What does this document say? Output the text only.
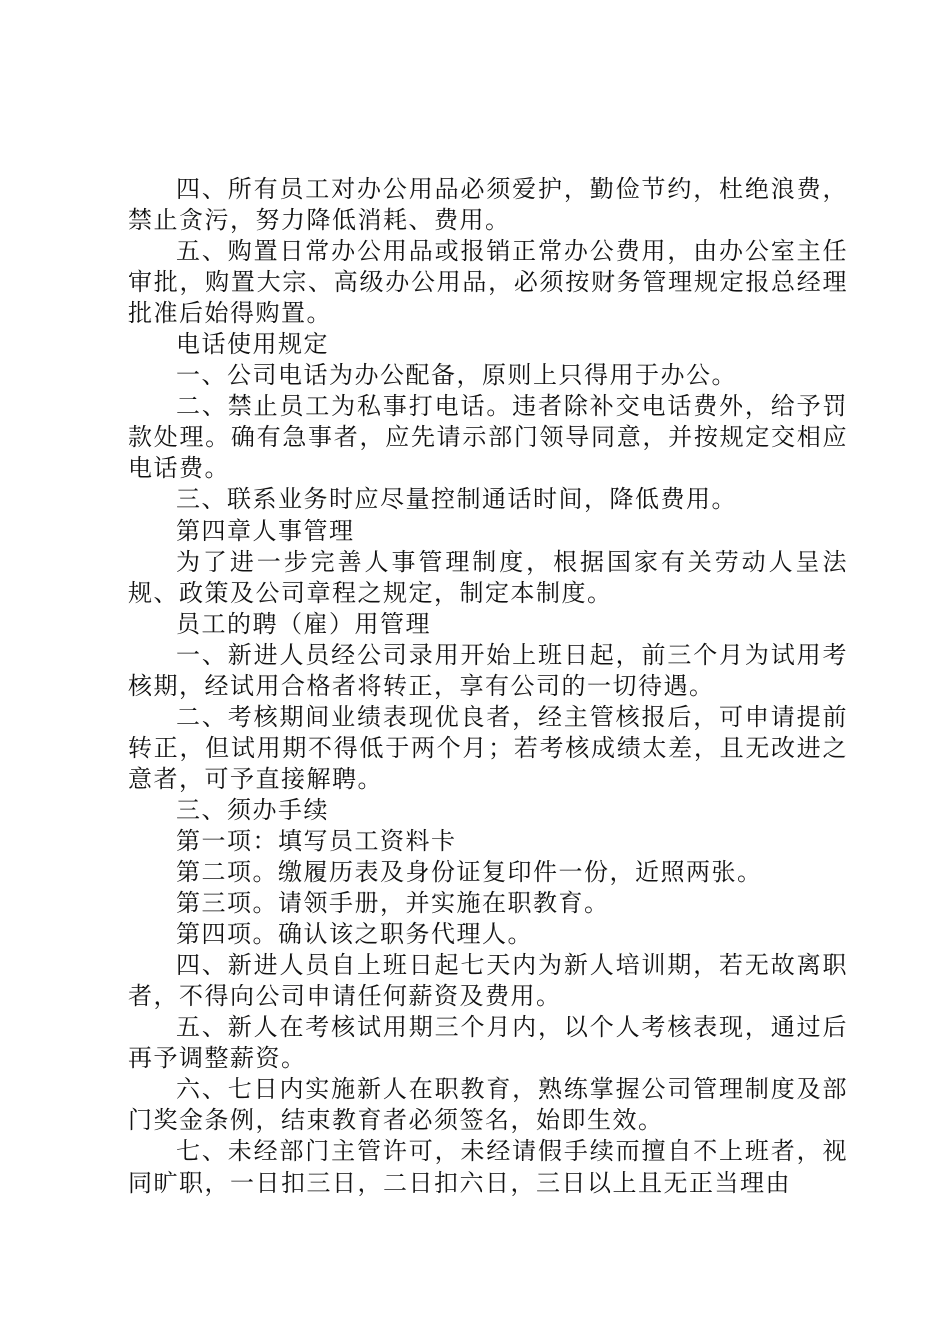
四、所有员工对办公用品必须爱护，勤俭节约，杜绝浪费，禁止贪污，努力降低消耗、费用。

五、购置日常办公用品或报销正常办公费用，由办公室主任审批，购置大宗、高级办公用品，必须按财务管理规定报总经理批准后始得购置。

电话使用规定

一、公司电话为办公配备，原则上只得用于办公。

二、禁止员工为私事打电话。违者除补交电话费外，给予罚款处理。确有急事者，应先请示部门领导同意，并按规定交相应电话费。

三、联系业务时应尽量控制通话时间，降低费用。

第四章人事管理

为了进一步完善人事管理制度，根据国家有关劳动人呈法规、政策及公司章程之规定，制定本制度。

员工的聘（雇）用管理

一、新进人员经公司录用开始上班日起，前三个月为试用考核期，经试用合格者将转正，享有公司的一切待遇。

二、考核期间业绩表现优良者，经主管核报后，可申请提前转正，但试用期不得低于两个月；若考核成绩太差，且无改进之意者，可予直接解聘。

三、须办手续

第一项：填写员工资料卡

第二项。缴履历表及身份证复印件一份，近照两张。

第三项。请领手册，并实施在职教育。

第四项。确认该之职务代理人。

四、新进人员自上班日起七天内为新人培训期，若无故离职者，不得向公司申请任何薪资及费用。

五、新人在考核试用期三个月内，以个人考核表现，通过后再予调整薪资。

六、七日内实施新人在职教育，熟练掌握公司管理制度及部门奖金条例，结束教育者必须签名，始即生效。

七、未经部门主管许可，未经请假手续而擅自不上班者，视同旷职，一日扣三日，二日扣六日，三日以上且无正当理由
